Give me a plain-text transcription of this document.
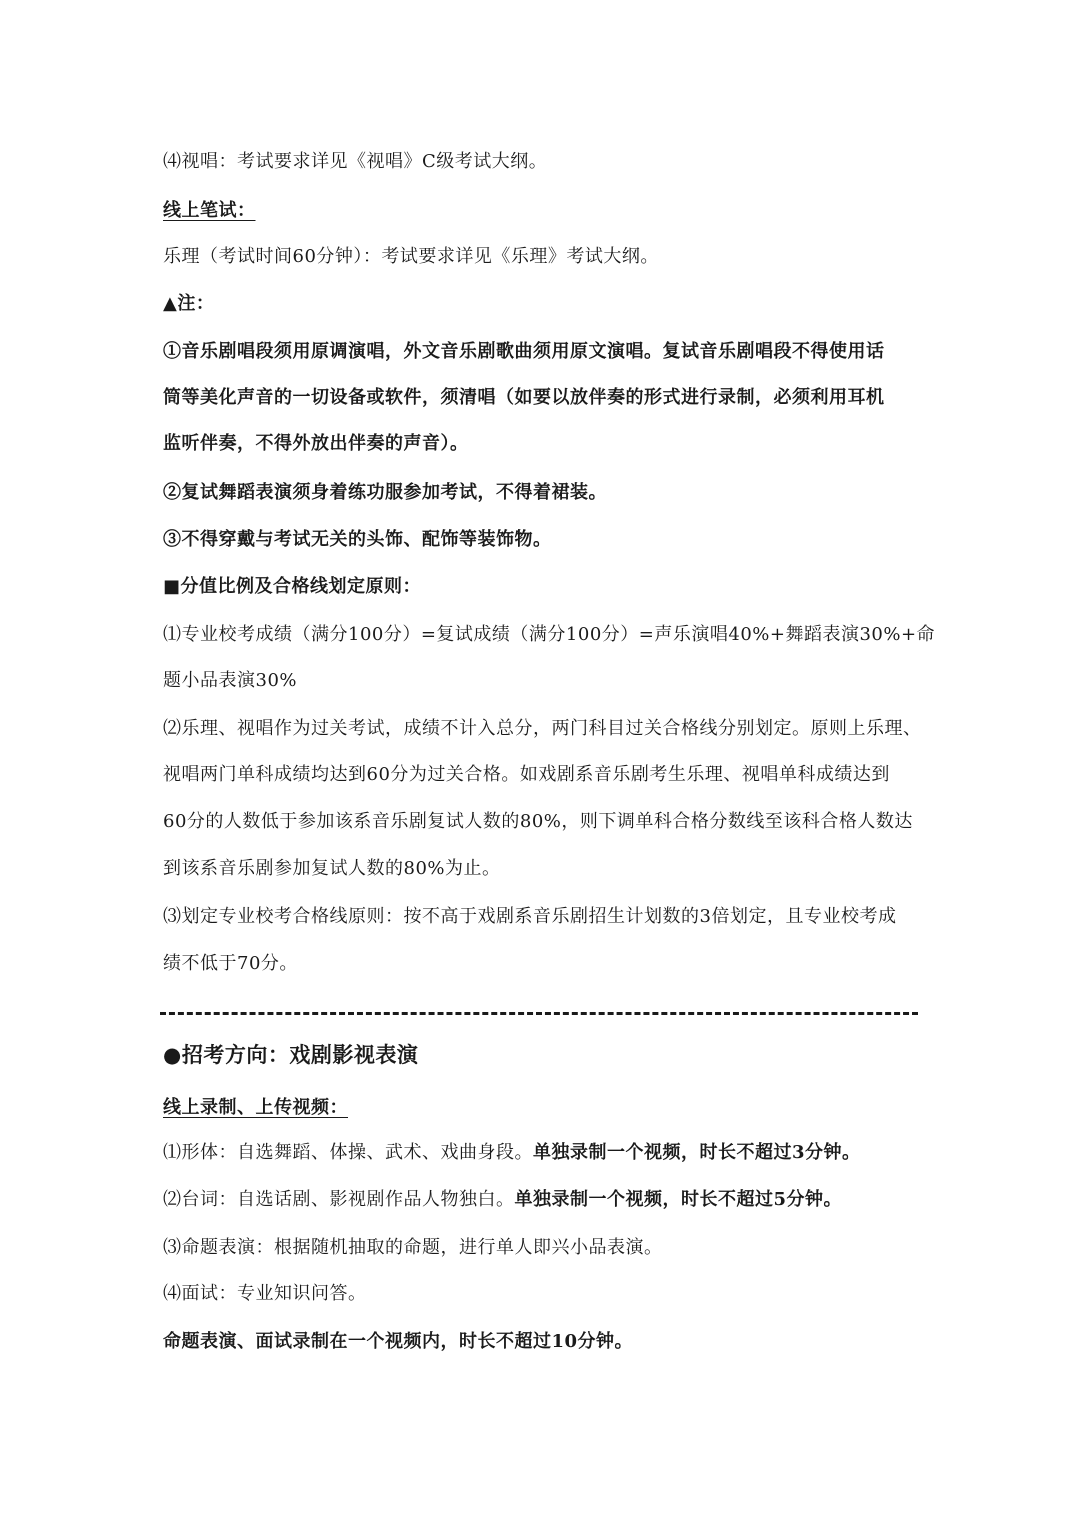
⑷视唱：考试要求详见《视唱》C级考试大纲。
线上笔试：
乐理（考试时间60分钟）：考试要求详见《乐理》考试大纲。
▲注：
①音乐剧唱段须用原调演唱，外文音乐剧歌曲须用原文演唱。复试音乐剧唱段不得使用话
筒等美化声音的一切设备或软件，须清唱（如要以放伴奏的形式进行录制，必须利用耳机
监听伴奏，不得外放出伴奏的声音）。
②复试舞蹈表演须身着练功服参加考试，不得着裙装。
③不得穿戴与考试无关的头饰、配饰等装饰物。
■分值比例及合格线划定原则：
⑴专业校考成绩（满分100分）=复试成绩（满分100分）=声乐演唱40%+舞蹈表演30%+命
题小品表演30%
⑵乐理、视唱作为过关考试，成绩不计入总分，两门科目过关合格线分别划定。原则上乐理、
视唱两门单科成绩均达到60分为过关合格。如戏剧系音乐剧考生乐理、视唱单科成绩达到
60分的人数低于参加该系音乐剧复试人数的80%，则下调单科合格分数线至该科合格人数达
到该系音乐剧参加复试人数的80%为止。
⑶划定专业校考合格线原则：按不高于戏剧系音乐剧招生计划数的3倍划定，且专业校考成
绩不低于70分。
●招考方向：戏剧影视表演
线上录制、上传视频：
⑴形体：自选舞蹈、体操、武术、戏曲身段。单独录制一个视频，时长不超过3分钟。
⑵台词：自选话剧、影视剧作品人物独白。单独录制一个视频，时长不超过5分钟。
⑶命题表演：根据随机抽取的命题，进行单人即兴小品表演。
⑷面试：专业知识问答。
命题表演、面试录制在一个视频内，时长不超过10分钟。
